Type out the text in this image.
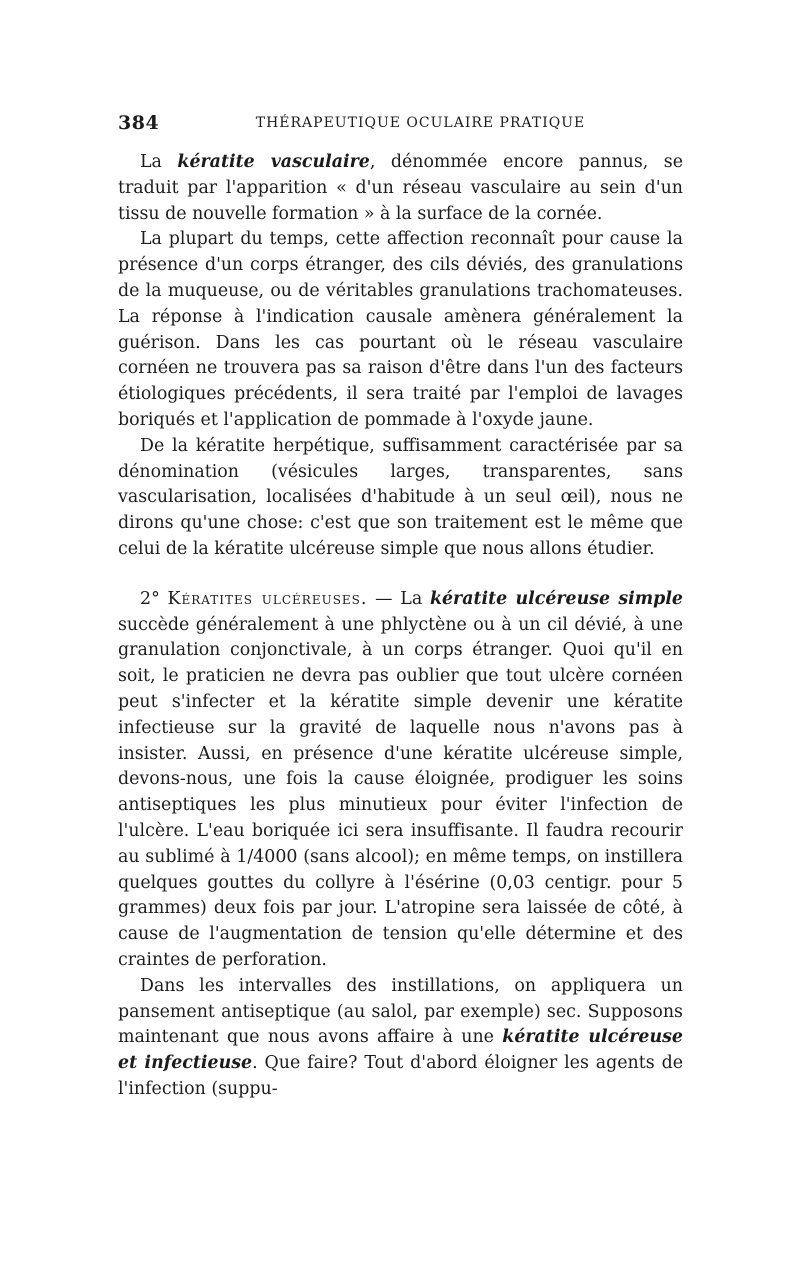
384	THÉRAPEUTIQUE OCULAIRE PRATIQUE

La kératite vasculaire, dénommée encore pannus, se traduit par l'apparition « d'un réseau vasculaire au sein d'un tissu de nouvelle formation » à la surface de la cornée.

La plupart du temps, cette affection reconnaît pour cause la présence d'un corps étranger, des cils déviés, des granulations de la muqueuse, ou de véritables granulations trachomateuses. La réponse à l'indication causale amènera généralement la guérison. Dans les cas pourtant où le réseau vasculaire cornéen ne trouvera pas sa raison d'être dans l'un des facteurs étiologiques précédents, il sera traité par l'emploi de lavages boriqués et l'application de pommade à l'oxyde jaune.

De la kératite herpétique, suffisamment caractérisée par sa dénomination (vésicules larges, transparentes, sans vascularisation, localisées d'habitude à un seul œil), nous ne dirons qu'une chose: c'est que son traitement est le même que celui de la kératite ulcéreuse simple que nous allons étudier.

2° Kératites ulcéreuses. — La kératite ulcéreuse simple succède généralement à une phlyctène ou à un cil dévié, à une granulation conjonctivale, à un corps étranger. Quoi qu'il en soit, le praticien ne devra pas oublier que tout ulcère cornéen peut s'infecter et la kératite simple devenir une kératite infectieuse sur la gravité de laquelle nous n'avons pas à insister. Aussi, en présence d'une kératite ulcéreuse simple, devons-nous, une fois la cause éloignée, prodiguer les soins antiseptiques les plus minutieux pour éviter l'infection de l'ulcère. L'eau boriquée ici sera insuffisante. Il faudra recourir au sublimé à 1/4000 (sans alcool); en même temps, on instillera quelques gouttes du collyre à l'ésérine (0,03 centigr. pour 5 grammes) deux fois par jour. L'atropine sera laissée de côté, à cause de l'augmentation de tension qu'elle détermine et des craintes de perforation.

Dans les intervalles des instillations, on appliquera un pansement antiseptique (au salol, par exemple) sec. Supposons maintenant que nous avons affaire à une kératite ulcéreuse et infectieuse. Que faire? Tout d'abord éloigner les agents de l'infection (suppu-
